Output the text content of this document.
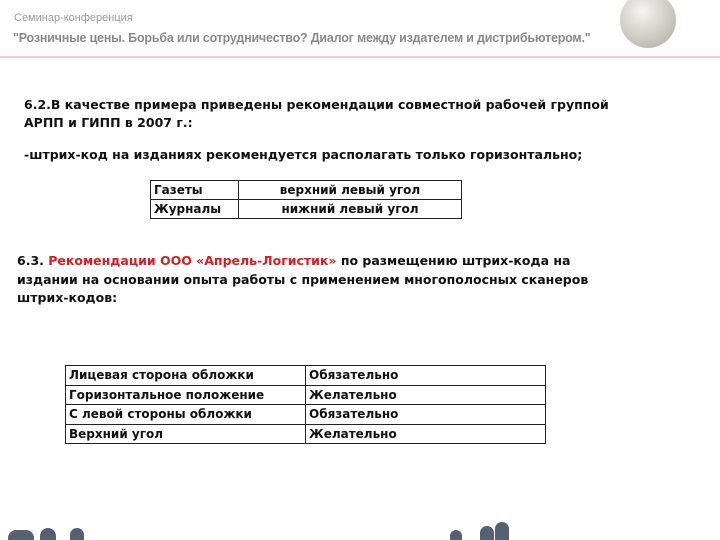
Семинар-конференция
"Розничные цены. Борьба или сотрудничество? Диалог между издателем и дистрибьютером."
6.2.В качестве примера приведены рекомендации совместной рабочей группой
АРПП и ГИПП в 2007 г.:
-штрих-код на изданиях рекомендуется располагать только горизонтально;
Газеты	верхний левый угол
Журналы	нижний левый угол
6.3. Рекомендации ООО «Апрель-Логистик» по размещению штрих-кода на
издании на основании опыта работы с применением многополосных сканеров
штрих-кодов:
Лицевая сторона обложки	Обязательно
Горизонтальное положение	Желательно
С левой стороны обложки	Обязательно
Верхний угол	Желательно
